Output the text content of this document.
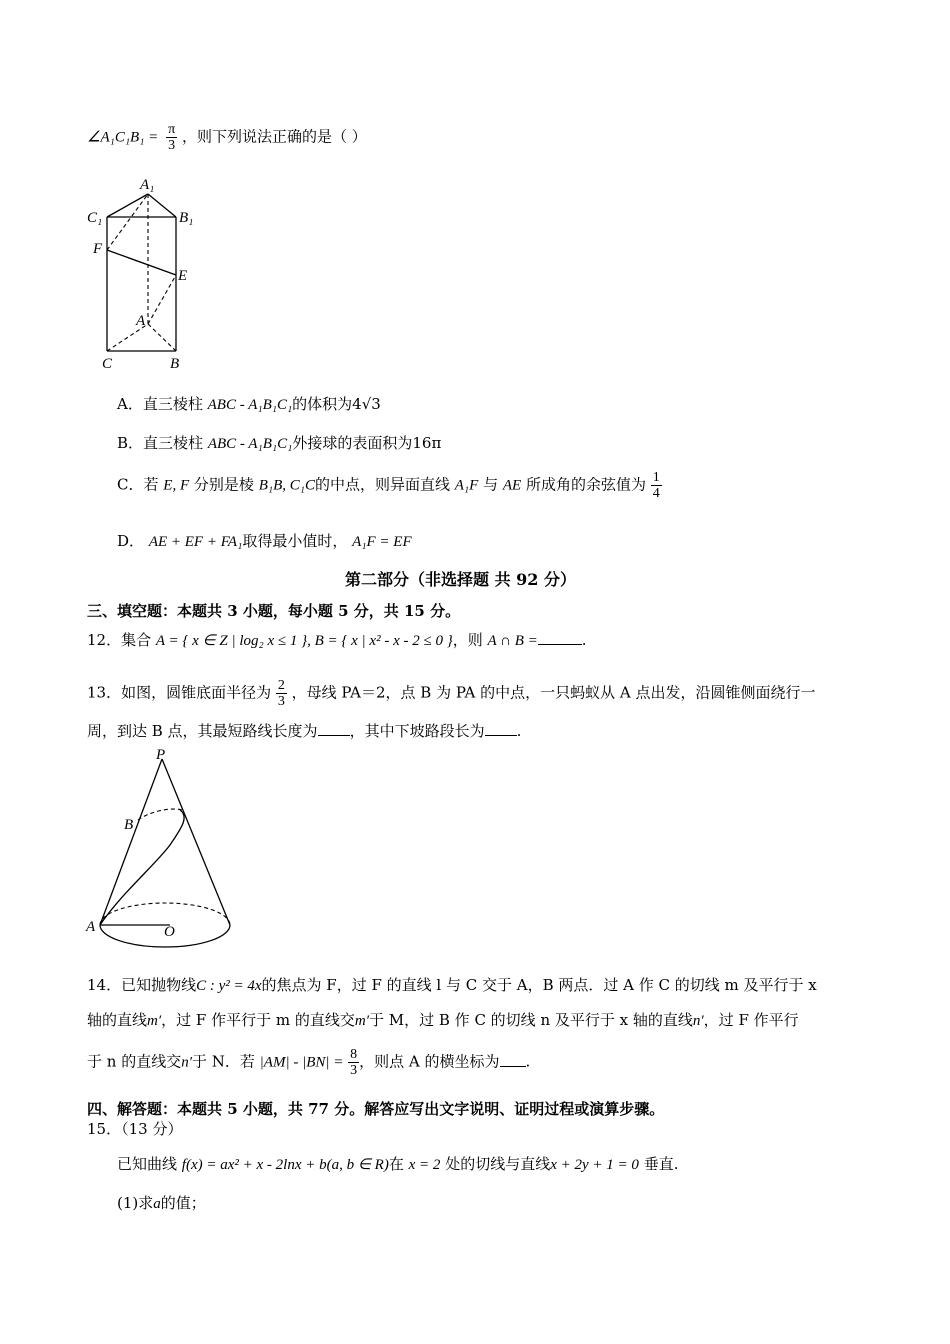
∠A₁C₁B₁ = $\frac{\pi}{3}$ ，则下列说法正确的是（ ）
A₁
C₁	B₁
F
E
A
C	B
A．直三棱柱 ABC - A₁B₁C₁的体积为4√3
B．直三棱柱 ABC - A₁B₁C₁外接球的表面积为16π
C．若 E, F 分别是棱 B₁B, C₁C的中点，则异面直线 A₁F 与 AE 所成角的余弦值为 $\frac{1}{4}$
D． AE + EF + FA₁取得最小值时， A₁F = EF
第二部分（非选择题 共 92 分）
三、填空题：本题共 3 小题，每小题 5 分，共 15 分。
12．集合 A = { x ∈ Z | log₂ x ≤ 1 }, B = { x | x² - x - 2 ≤ 0 }，则 A ∩ B =	.
13．如图，圆锥底面半径为 $\frac{2}{3}$ ，母线 PA＝2，点 B 为 PA 的中点，一只蚂蚁从 A 点出发，沿圆锥侧面绕行一
周，到达 B 点，其最短路线长度为 ，其中下坡路段长为 .
P
B
A	O
14．已知抛物线C : y² = 4x的焦点为 F，过 F 的直线 l 与 C 交于 A，B 两点．过 A 作 C 的切线 m 及平行于 x
轴的直线m′，过 F 作平行于 m 的直线交m′于 M，过 B 作 C 的切线 n 及平行于 x 轴的直线n′，过 F 作平行
于 n 的直线交n′于 N．若 $|AM| - |BN| = \frac{8}{3}$ ，则点 A 的横坐标为 .
四、解答题：本题共 5 小题，共 77 分。解答应写出文字说明、证明过程或演算步骤。
15．（13 分）
已知曲线 f(x) = ax² + x - 2lnx + b(a, b ∈ R)在 x = 2 处的切线与直线x + 2y + 1 = 0 垂直.
(1)求a的值；
